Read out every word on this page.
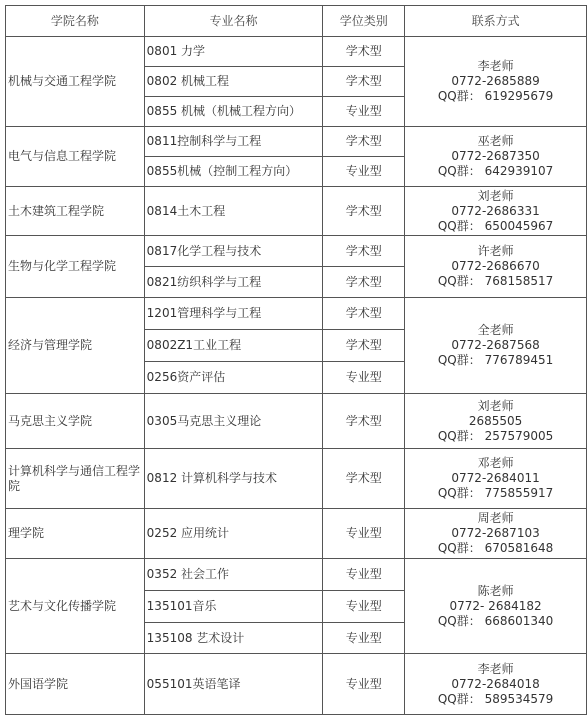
学院名称	专业名称	学位类别	联系方式
机械与交通工程学院	0801 力学	学术型	李老师
0772-2685889
QQ群： 619295679

	0802 机械工程	学术型	
	0855 机械（机械工程方向）	专业型	
电气与信息工程学院	0811控制科学与工程	学术型	巫老师
0772-2687350
QQ群： 642939107

	0855机械（控制工程方向）	专业型	
土木建筑工程学院	0814土木工程	学术型	刘老师
0772-2686331
QQ群： 650045967

生物与化学工程学院	0817化学工程与技术	学术型	许老师
0772-2686670
QQ群： 768158517

	0821纺织科学与工程	学术型	
经济与管理学院	1201管理科学与工程	学术型	全老师
0772-2687568
QQ群： 776789451

	0802Z1工业工程	学术型	
	0256资产评估	专业型	
马克思主义学院	0305马克思主义理论	学术型	刘老师
2685505
QQ群： 257579005

计算机科学与通信工程学院	0812 计算机科学与技术	学术型	邓老师
0772-2684011
QQ群： 775855917

理学院	0252 应用统计	专业型	周老师
0772-2687103
QQ群： 670581648

艺术与文化传播学院	0352 社会工作	专业型	陈老师
0772- 2684182
QQ群： 668601340

	135101音乐	专业型	
	135108 艺术设计	专业型	
外国语学院	055101英语笔译	专业型	李老师
0772-2684018
QQ群： 589534579
